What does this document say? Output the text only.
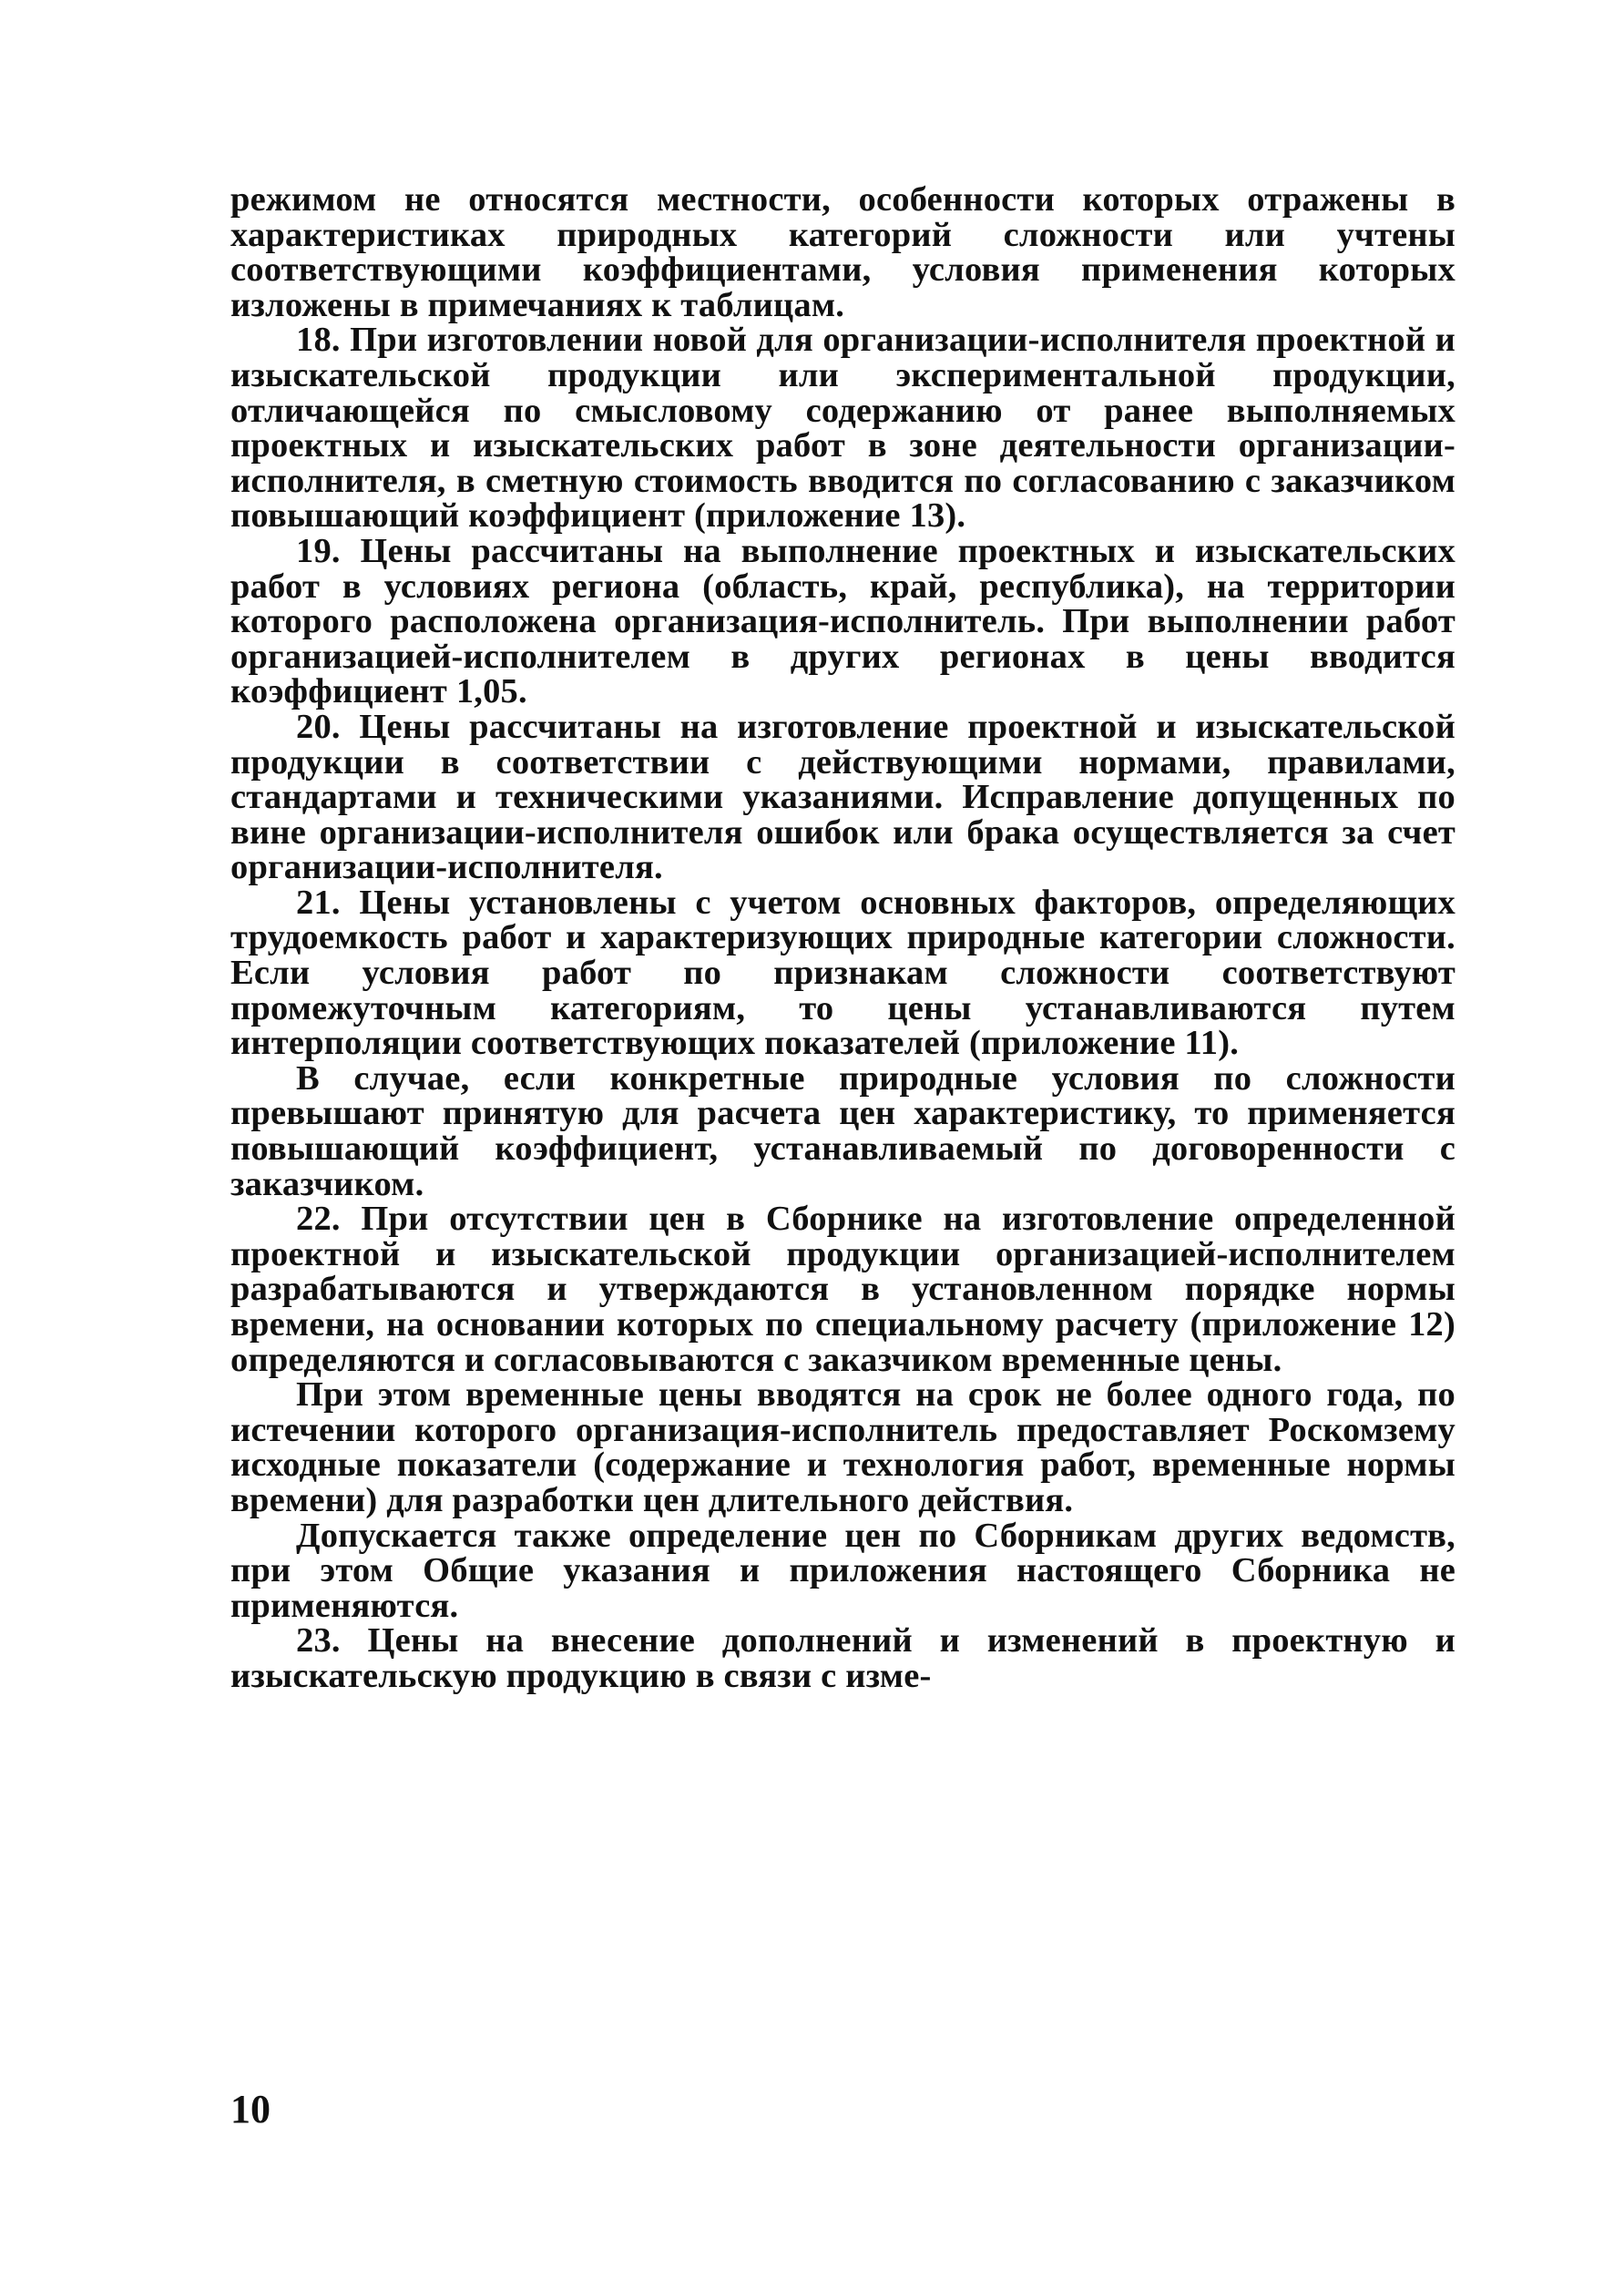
режимом не относятся местности, особенности которых отражены в характеристиках природных категорий сложности или учтены соответствующими коэффициентами, условия применения которых изложены в примечаниях к таблицам.

18. При изготовлении новой для организации-исполнителя проектной и изыскательской продукции или экспериментальной продукции, отличающейся по смысловому содержанию от ранее выполняемых проектных и изыскательских работ в зоне деятельности организации-исполнителя, в сметную стоимость вводится по согласованию с заказчиком повышающий коэффициент (приложение 13).

19. Цены рассчитаны на выполнение проектных и изыскательских работ в условиях региона (область, край, республика), на территории которого расположена организация-исполнитель. При выполнении работ организацией-исполнителем в других регионах в цены вводится коэффициент 1,05.

20. Цены рассчитаны на изготовление проектной и изыскательской продукции в соответствии с действующими нормами, правилами, стандартами и техническими указаниями. Исправление допущенных по вине организации-исполнителя ошибок или брака осуществляется за счет организации-исполнителя.

21. Цены установлены с учетом основных факторов, определяющих трудоемкость работ и характеризующих природные категории сложности. Если условия работ по признакам сложности соответствуют промежуточным категориям, то цены устанавливаются путем интерполяции соответствующих показателей (приложение 11).

В случае, если конкретные природные условия по сложности превышают принятую для расчета цен характеристику, то применяется повышающий коэффициент, устанавливаемый по договоренности с заказчиком.

22. При отсутствии цен в Сборнике на изготовление определенной проектной и изыскательской продукции организацией-исполнителем разрабатываются и утверждаются в установленном порядке нормы времени, на основании которых по специальному расчету (приложение 12) определяются и согласовываются с заказчиком временные цены.

При этом временные цены вводятся на срок не более одного года, по истечении которого организация-исполнитель предоставляет Роскомзему исходные показатели (содержание и технология работ, временные нормы времени) для разработки цен длительного действия.

Допускается также определение цен по Сборникам других ведомств, при этом Общие указания и приложения настоящего Сборника не применяются.

23. Цены на внесение дополнений и изменений в проектную и изыскательскую продукцию в связи с изме-

10
